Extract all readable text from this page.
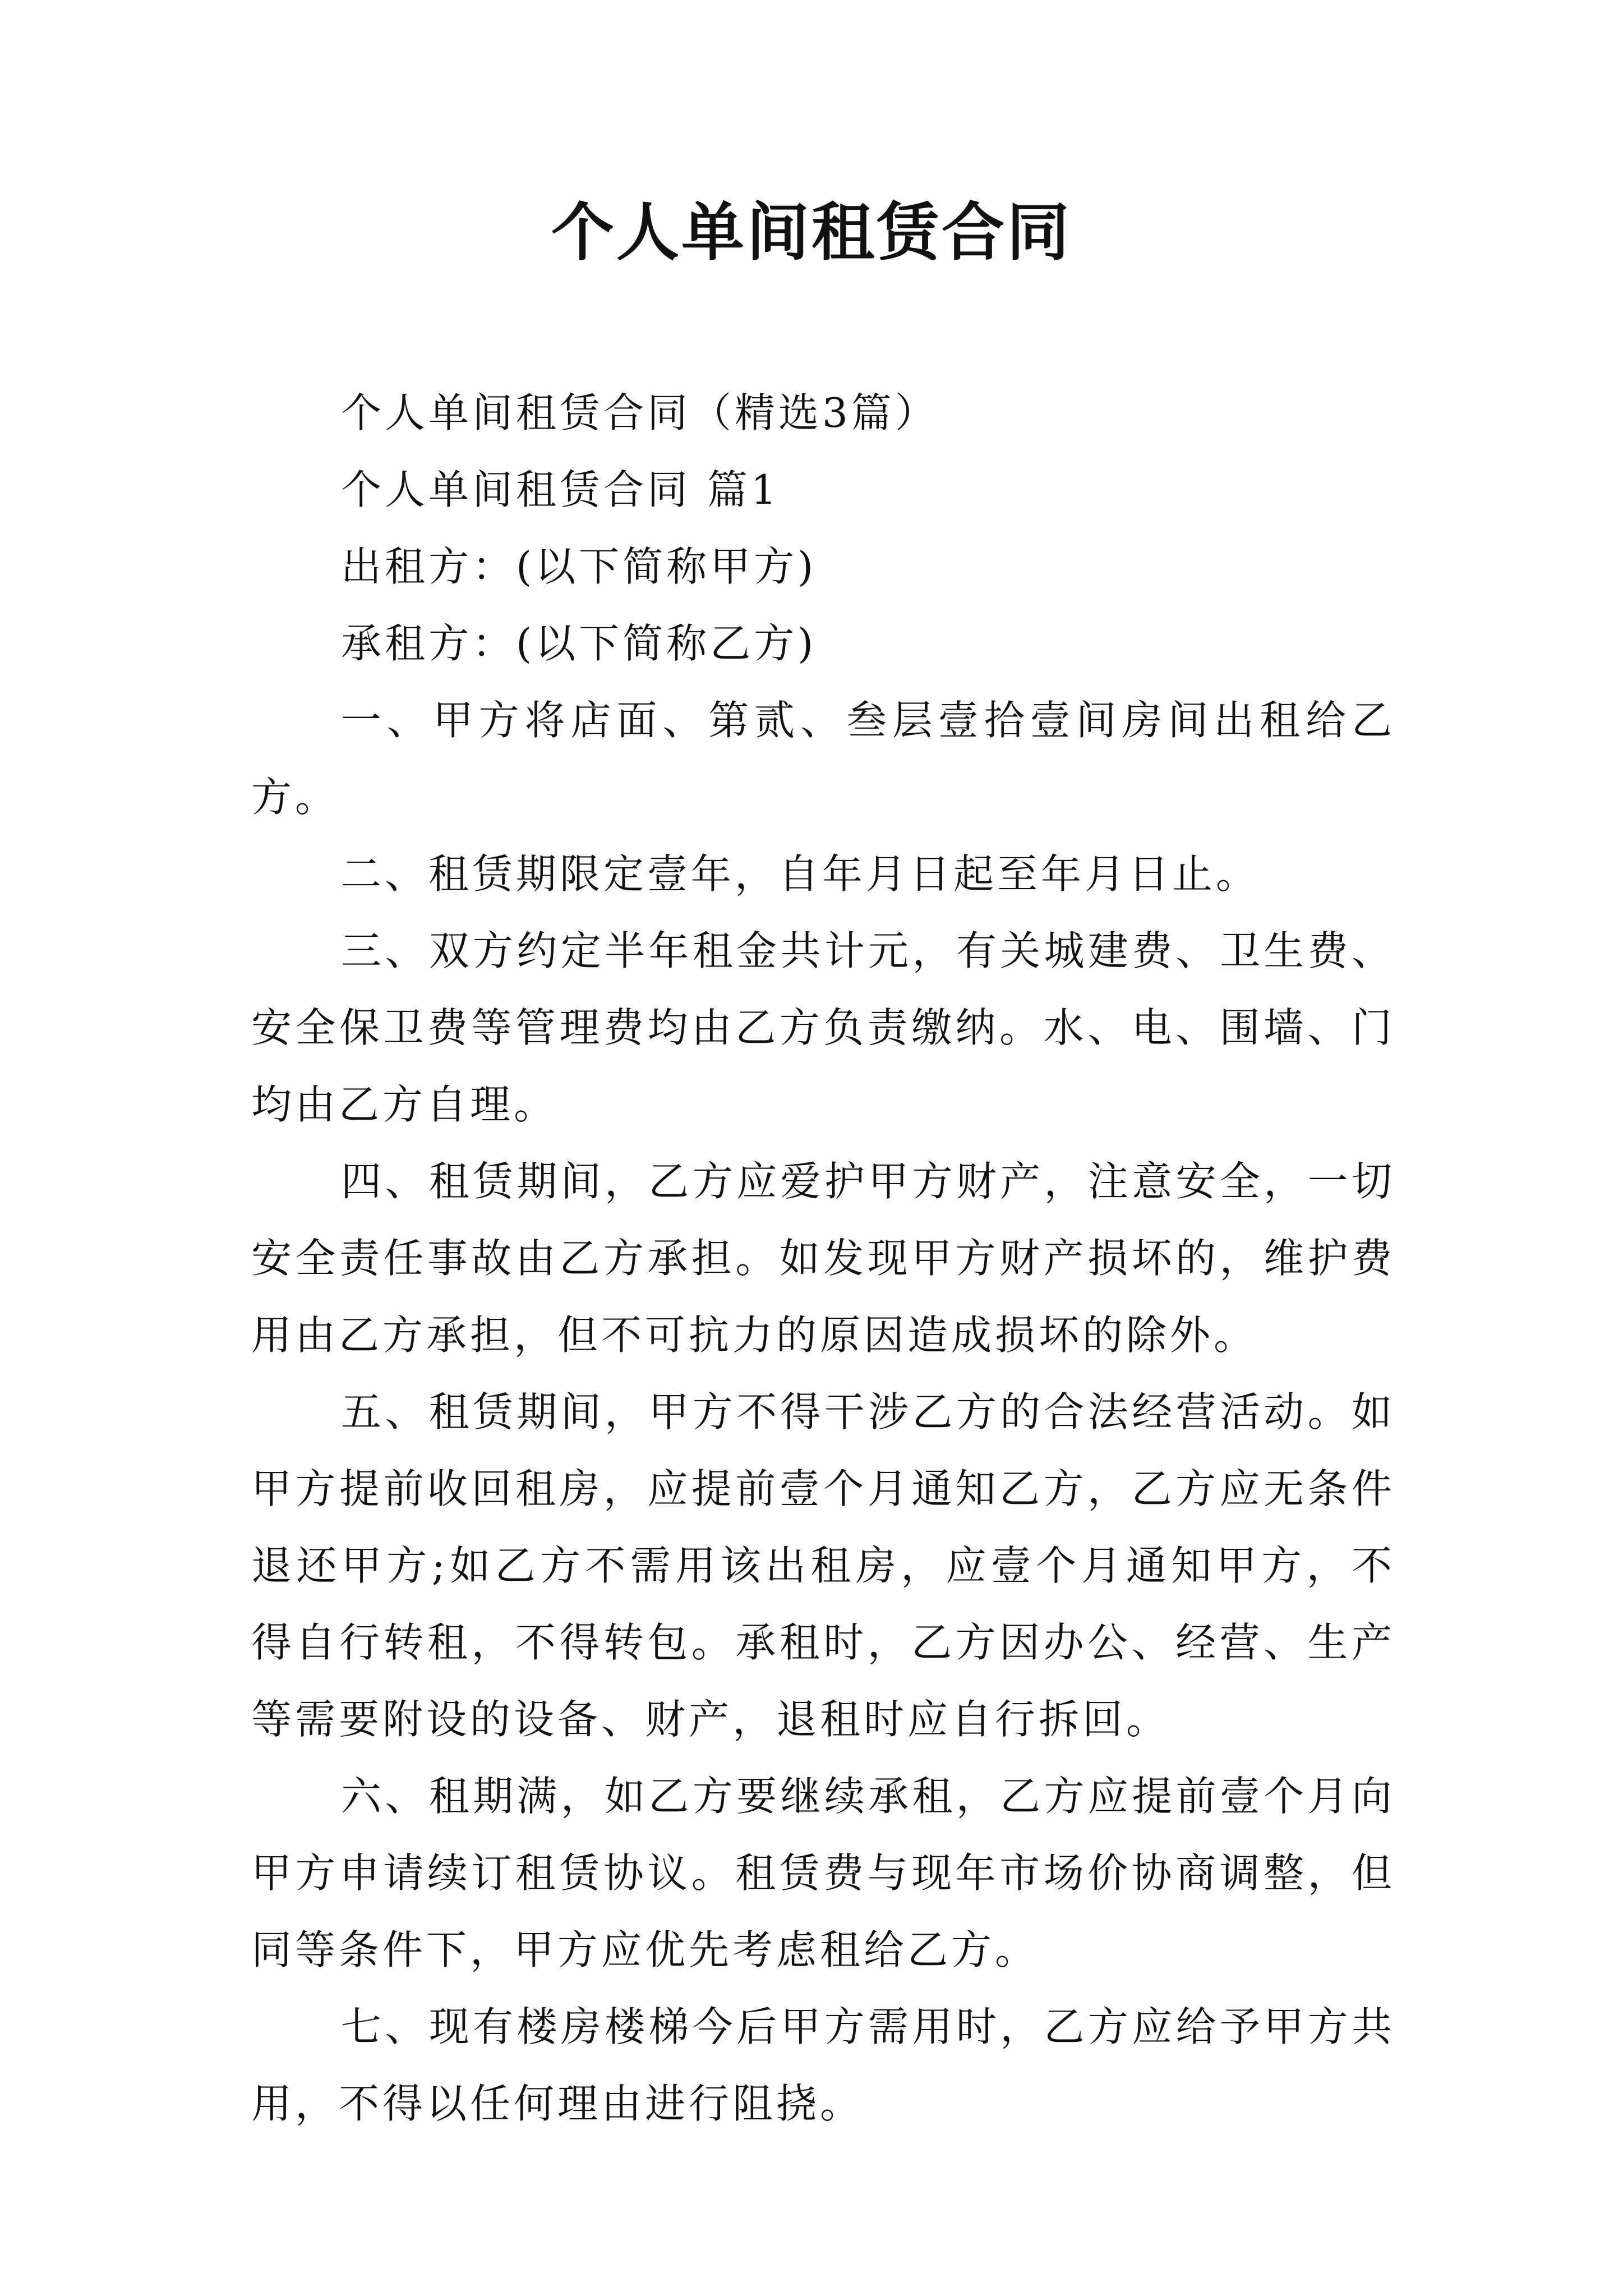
个人单间租赁合同

个人单间租赁合同（精选3篇）

个人单间租赁合同 篇1

出租方：(以下简称甲方)

承租方：(以下简称乙方)

一、甲方将店面、第贰、叁层壹拾壹间房间出租给乙方。

二、租赁期限定壹年，自年月日起至年月日止。

三、双方约定半年租金共计元，有关城建费、卫生费、安全保卫费等管理费均由乙方负责缴纳。水、电、围墙、门均由乙方自理。

四、租赁期间，乙方应爱护甲方财产，注意安全，一切安全责任事故由乙方承担。如发现甲方财产损坏的，维护费用由乙方承担，但不可抗力的原因造成损坏的除外。

五、租赁期间，甲方不得干涉乙方的合法经营活动。如甲方提前收回租房，应提前壹个月通知乙方，乙方应无条件退还甲方;如乙方不需用该出租房，应壹个月通知甲方，不得自行转租，不得转包。承租时，乙方因办公、经营、生产等需要附设的设备、财产，退租时应自行拆回。

六、租期满，如乙方要继续承租，乙方应提前壹个月向甲方申请续订租赁协议。租赁费与现年市场价协商调整，但同等条件下，甲方应优先考虑租给乙方。

七、现有楼房楼梯今后甲方需用时，乙方应给予甲方共用，不得以任何理由进行阻挠。
